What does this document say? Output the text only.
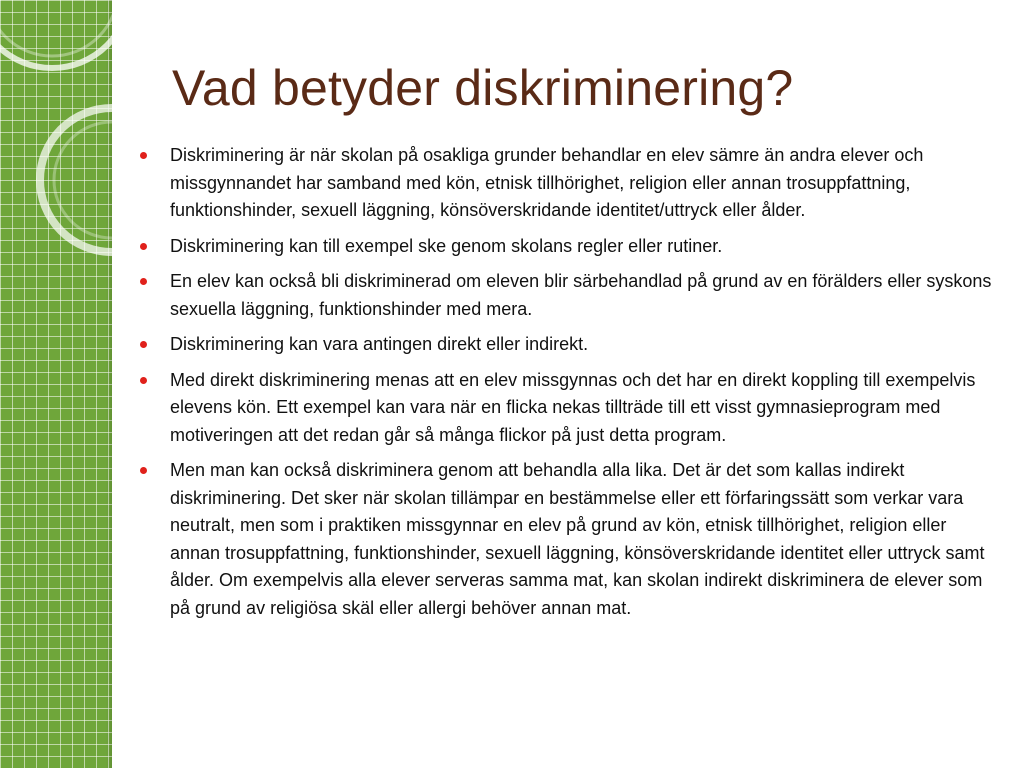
Vad betyder diskriminering?
Diskriminering är när skolan på osakliga grunder behandlar en elev sämre än andra elever och missgynnandet har samband med kön, etnisk tillhörighet, religion eller annan trosuppfattning, funktionshinder, sexuell läggning, könsöverskridande identitet/uttryck eller ålder.
Diskriminering kan till exempel ske genom skolans regler eller rutiner.
En elev kan också bli diskriminerad om eleven blir särbehandlad på grund av en förälders eller syskons sexuella läggning, funktionshinder med mera.
Diskriminering kan vara antingen direkt eller indirekt.
Med direkt diskriminering menas att en elev missgynnas och det har en direkt koppling till exempelvis elevens kön. Ett exempel kan vara när en flicka nekas tillträde till ett visst gymnasieprogram med motiveringen att det redan går så många flickor på just detta program.
Men man kan också diskriminera genom att behandla alla lika. Det är det som kallas indirekt diskriminering. Det sker när skolan tillämpar en bestämmelse eller ett förfaringssätt som verkar vara neutralt, men som i praktiken missgynnar en elev på grund av kön, etnisk tillhörighet, religion eller annan trosuppfattning, funktionshinder, sexuell läggning, könsöverskridande identitet eller uttryck samt ålder. Om exempelvis alla elever serveras samma mat, kan skolan indirekt diskriminera de elever som på grund av religiösa skäl eller allergi behöver annan mat.
